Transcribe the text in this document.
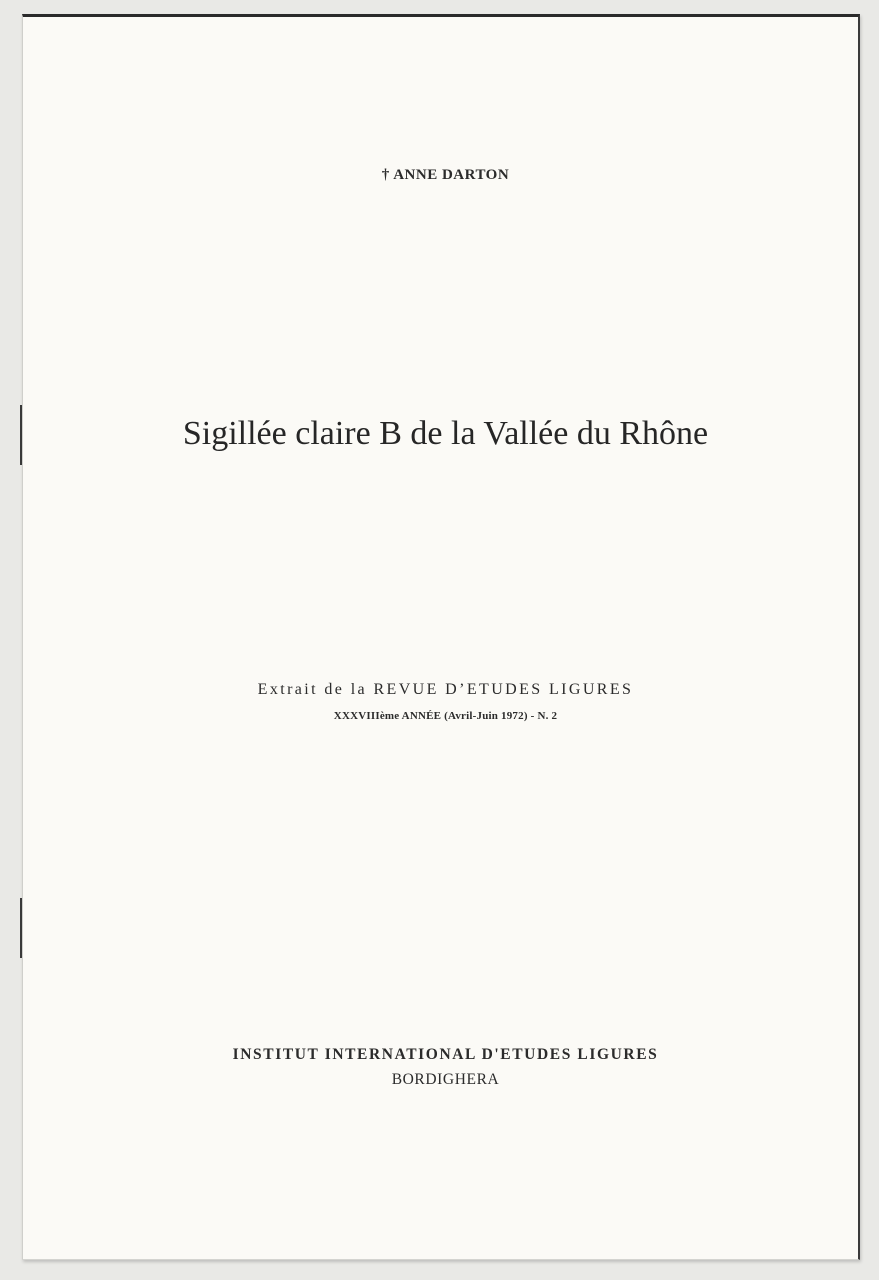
† ANNE DARTON
Sigillée claire B de la Vallée du Rhône
Extrait de la REVUE D’ETUDES LIGURES
XXXVIIIème ANNÉE (Avril-Juin 1972) - N. 2
INSTITUT INTERNATIONAL D'ETUDES LIGURES
BORDIGHERA
